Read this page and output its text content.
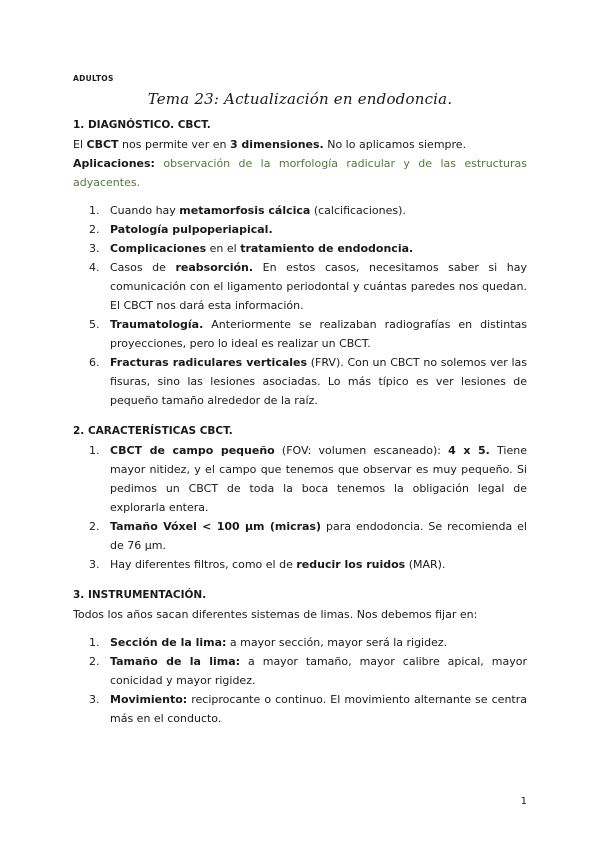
ADULTOS
Tema 23: Actualización en endodoncia.

1. DIAGNÓSTICO. CBCT.

El CBCT nos permite ver en 3 dimensiones. No lo aplicamos siempre.

Aplicaciones: observación de la morfología radicular y de las estructuras adyacentes.

1. Cuando hay metamorfosis cálcica (calcificaciones).
2. Patología pulpoperiapical.
3. Complicaciones en el tratamiento de endodoncia.
4. Casos de reabsorción. En estos casos, necesitamos saber si hay comunicación con el ligamento periodontal y cuántas paredes nos quedan. El CBCT nos dará esta información.
5. Traumatología. Anteriormente se realizaban radiografías en distintas proyecciones, pero lo ideal es realizar un CBCT.
6. Fracturas radiculares verticales (FRV). Con un CBCT no solemos ver las fisuras, sino las lesiones asociadas. Lo más típico es ver lesiones de pequeño tamaño alrededor de la raíz.

2. CARACTERÍSTICAS CBCT.

1. CBCT de campo pequeño (FOV: volumen escaneado): 4 x 5. Tiene mayor nitidez, y el campo que tenemos que observar es muy pequeño. Si pedimos un CBCT de toda la boca tenemos la obligación legal de explorarla entera.
2. Tamaño Vóxel < 100 µm (micras) para endodoncia. Se recomienda el de 76 µm.
3. Hay diferentes filtros, como el de reducir los ruidos (MAR).

3. INSTRUMENTACIÓN.

Todos los años sacan diferentes sistemas de limas. Nos debemos fijar en:

1. Sección de la lima: a mayor sección, mayor será la rigidez.
2. Tamaño de la lima: a mayor tamaño, mayor calibre apical, mayor conicidad y mayor rigidez.
3. Movimiento: reciprocante o continuo. El movimiento alternante se centra más en el conducto.
1
